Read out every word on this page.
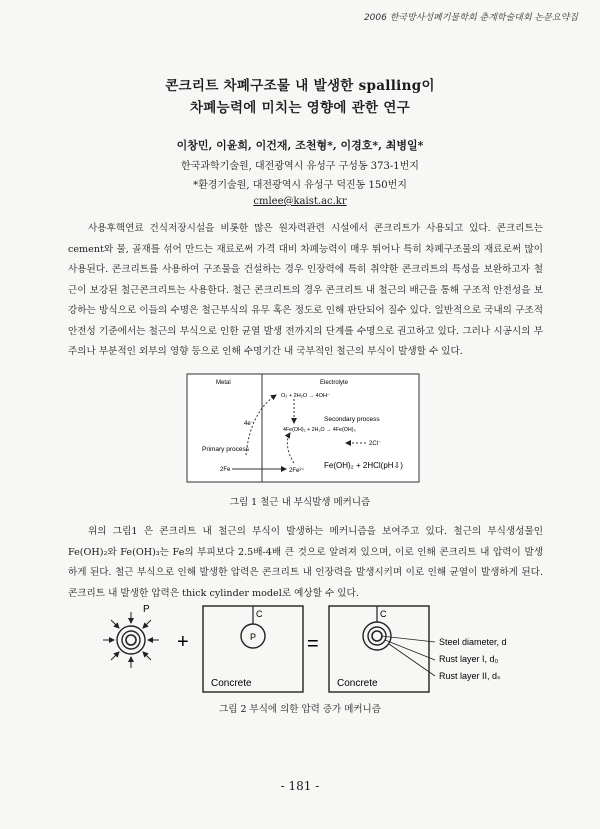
2006 한국방사성폐기물학회 춘계학술대회 논문요약집
콘크리트 차폐구조물 내 발생한 spalling이
차폐능력에 미치는 영향에 관한 연구
이창민, 이윤희, 이건재, 조천형*, 이경호*, 최병일*
한국과학기술원, 대전광역시 유성구 구성동 373-1번지
*환경기술원, 대전광역시 유성구 덕진동 150번지
cmlee@kaist.ac.kr

사용후핵연료 건식저장시설을 비롯한 많은 원자력관련 시설에서 콘크리트가 사용되고 있다. 콘크리트는 cement와 물, 골재를 섞어 만드는 재료로써 가격 대비 차폐능력이 매우 뛰어나 특히 차폐구조물의 재료로써 많이 사용된다. 콘크리트를 사용하여 구조물을 건설하는 경우 인장력에 특히 취약한 콘크리트의 특성을 보완하고자 철근이 보강된 철근콘크리트는 사용한다. 철근 콘크리트의 경우 콘크리트 내 철근의 배근을 통해 구조적 안전성을 보강하는 방식으로 이들의 수명은 철근부식의 유무 혹은 정도로 인해 판단되어 질수 있다. 일반적으로 국내의 구조적 안전성 기준에서는 철근의 부식으로 인한 균열 발생 전까지의 단계를 수명으로 권고하고 있다. 그러나 시공시의 부주의나 부분적인 외부의 영향 등으로 인해 수명기간 내 국부적인 철근의 부식이 발생할 수 있다.

Metal	Electrolyte
O₂ + 2H₂O → 4OH⁻
4e⁻
Secondary process
4Fe(OH)₂ + 2H₂O → 4Fe(OH)₃
2Cl⁻
Primary process
2Fe	2Fe²⁺
Fe(OH)₂ + 2HCl(pH⇩)
그림 1 철근 내 부식발생 메커니즘

위의 그림1 은 콘크리트 내 철근의 부식이 발생하는 메커니즘을 보여주고 있다. 철근의 부식생성물인 Fe(OH)₂와 Fe(OH)₃는 Fe의 부피보다 2.5배-4배 큰 것으로 알려져 있으며, 이로 인해 콘크리트 내 압력이 발생하게 된다. 철근 부식으로 인해 발생한 압력은 콘크리트 내 인장력을 발생시키며 이로 인해 균열이 발생하게 된다. 콘크리트 내 발생한 압력은 thick cylinder model로 예상할 수 있다.

P
+
C
P
Concrete
=
C
Concrete
Steel diameter, d
Rust layer I, d₀
Rust layer II, dₛ
그림 2 부식에 의한 압력 증가 메커니즘
- 181 -
